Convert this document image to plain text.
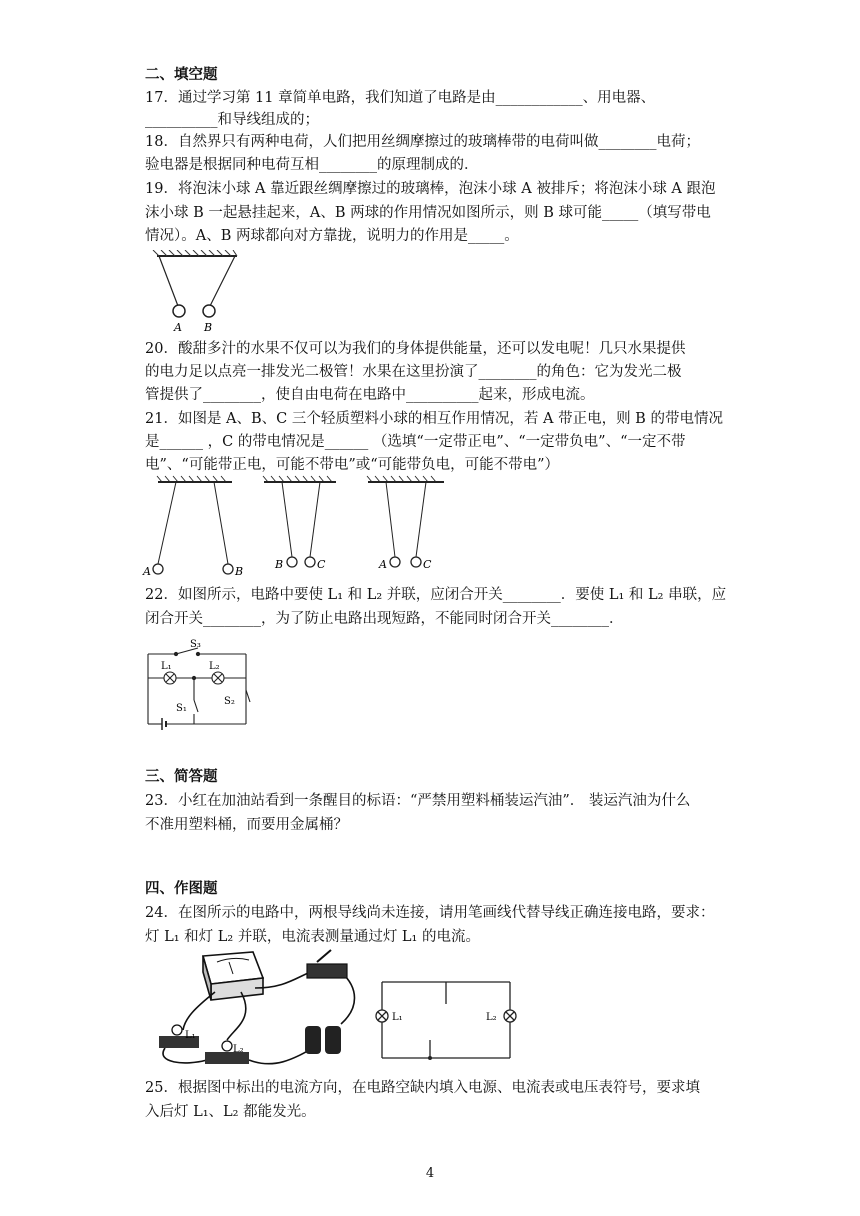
二、填空题
17．通过学习第 11 章简单电路，我们知道了电路是由____________、用电器、
__________和导线组成的；
18．自然界只有两种电荷，人们把用丝绸摩擦过的玻璃棒带的电荷叫做________电荷；
验电器是根据同种电荷互相________的原理制成的．
19．将泡沫小球 A 靠近跟丝绸摩擦过的玻璃棒，泡沫小球 A 被排斥；将泡沫小球 A 跟泡
沫小球 B 一起悬挂起来，A、B 两球的作用情况如图所示，则 B 球可能_____（填写带电
情况）。A、B 两球都向对方靠拢，说明力的作用是_____。
A B
20．酸甜多汁的水果不仅可以为我们的身体提供能量，还可以发电呢！几只水果提供
的电力足以点亮一排发光二极管！水果在这里扮演了________的角色：它为发光二极
管提供了________，使自由电荷在电路中__________起来，形成电流。
21．如图是 A、B、C 三个轻质塑料小球的相互作用情况，若 A 带正电，则 B 的带电情况
是______ ，C 的带电情况是______ （选填“一定带正电”、“一定带负电”、“一定不带
电”、“可能带正电，可能不带电”或“可能带负电，可能不带电”）
A	B
B	C	A	C
22．如图所示，电路中要使 L₁ 和 L₂ 并联，应闭合开关________．要使 L₁ 和 L₂ 串联，应
闭合开关________，为了防止电路出现短路，不能同时闭合开关________．
S₃
L₁	L₂
S₁
S₂
三、简答题
23．小红在加油站看到一条醒目的标语：“严禁用塑料桶装运汽油”． 装运汽油为什么
不准用塑料桶，而要用金属桶？
四、作图题
24．在图所示的电路中，两根导线尚未连接，请用笔画线代替导线正确连接电路，要求：
灯 L₁ 和灯 L₂ 并联，电流表测量通过灯 L₁ 的电流。
L₁
L₂
L₁	L₂
25．根据图中标出的电流方向，在电路空缺内填入电源、电流表或电压表符号，要求填
入后灯 L₁、L₂ 都能发光。
4
